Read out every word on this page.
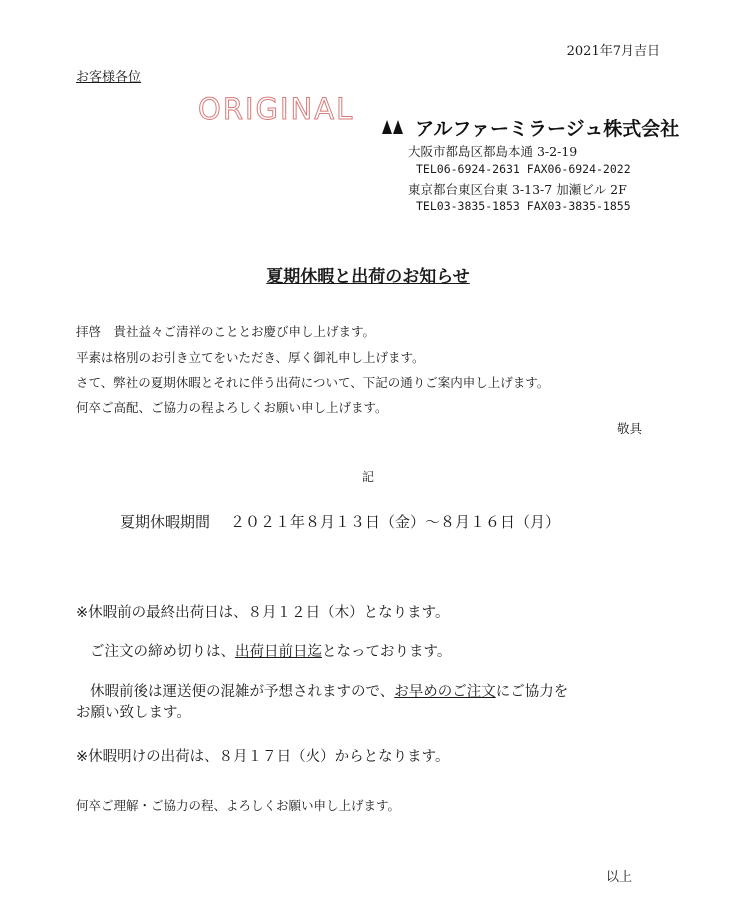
2021年7月吉日
お客様各位
ORIGINAL
アルファーミラージュ株式会社
大阪市都島区都島本通 3-2-19
TEL06-6924-2631 FAX06-6924-2022
東京都台東区台東 3-13-7 加瀬ビル 2F
TEL03-3835-1853 FAX03-3835-1855
夏期休暇と出荷のお知らせ
拝啓　貴社益々ご清祥のこととお慶び申し上げます。
平素は格別のお引き立てをいただき、厚く御礼申し上げます。
さて、弊社の夏期休暇とそれに伴う出荷について、下記の通りご案内申し上げます。
何卒ご高配、ご協力の程よろしくお願い申し上げます。
敬具
記
夏期休暇期間 ２０２１年８月１３日（金）～８月１６日（月）
※休暇前の最終出荷日は、８月１２日（木）となります。
ご注文の締め切りは、出荷日前日迄となっております。
休暇前後は運送便の混雑が予想されますので、お早めのご注文にご協力を
お願い致します。
※休暇明けの出荷は、８月１７日（火）からとなります。
何卒ご理解・ご協力の程、よろしくお願い申し上げます。
以上
